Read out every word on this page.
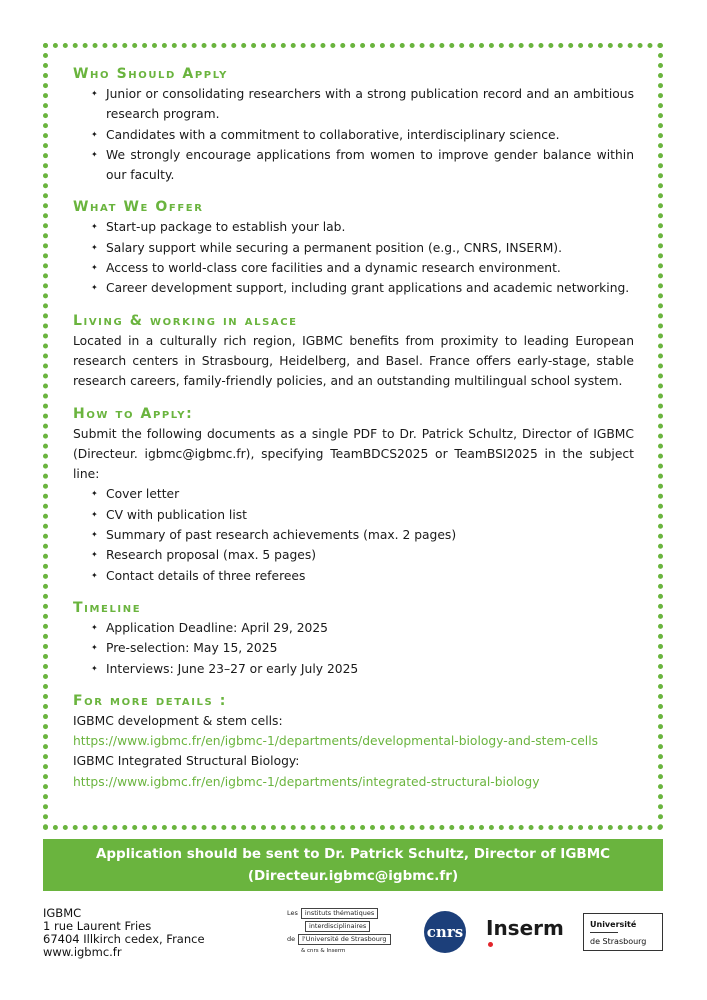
Who Should Apply
✦ Junior or consolidating researchers with a strong publication record and an ambitious research program.
✦ Candidates with a commitment to collaborative, interdisciplinary science.
✦ We strongly encourage applications from women to improve gender balance within our faculty.
What We Offer
✦ Start-up package to establish your lab.
✦ Salary support while securing a permanent position (e.g., CNRS, INSERM).
✦ Access to world-class core facilities and a dynamic research environment.
✦ Career development support, including grant applications and academic networking.
Living & working in alsace

Located in a culturally rich region, IGBMC benefits from proximity to leading European research centers in Strasbourg, Heidelberg, and Basel. France offers early-stage, stable research careers, family-friendly policies, and an outstanding multilingual school system.

How to Apply:

Submit the following documents as a single PDF to Dr. Patrick Schultz, Director of IGBMC (Directeur. igbmc@igbmc.fr), specifying TeamBDCS2025 or TeamBSI2025 in the subject line:

✦ Cover letter
✦ CV with publication list
✦ Summary of past research achievements (max. 2 pages)
✦ Research proposal (max. 5 pages)
✦ Contact details of three referees
Timeline
✦ Application Deadline: April 29, 2025
✦ Pre-selection: May 15, 2025
✦ Interviews: June 23–27 or early July 2025
For more details :
IGBMC development & stem cells:
https://www.igbmc.fr/en/igbmc-1/departments/developmental-biology-and-stem-cells
IGBMC Integrated Structural Biology:
https://www.igbmc.fr/en/igbmc-1/departments/integrated-structural-biology
Application should be sent to Dr. Patrick Schultz, Director of IGBMC
(Directeur.igbmc@igbmc.fr)
IGBMC
1 rue Laurent Fries
67404 Illkirch cedex, France
www.igbmc.fr
Les	instituts thématiques
interdisciplinaires
de	l'Université de Strasbourg
& cnrs & Inserm
cnrs Inserm	Université
de Strasbourg
